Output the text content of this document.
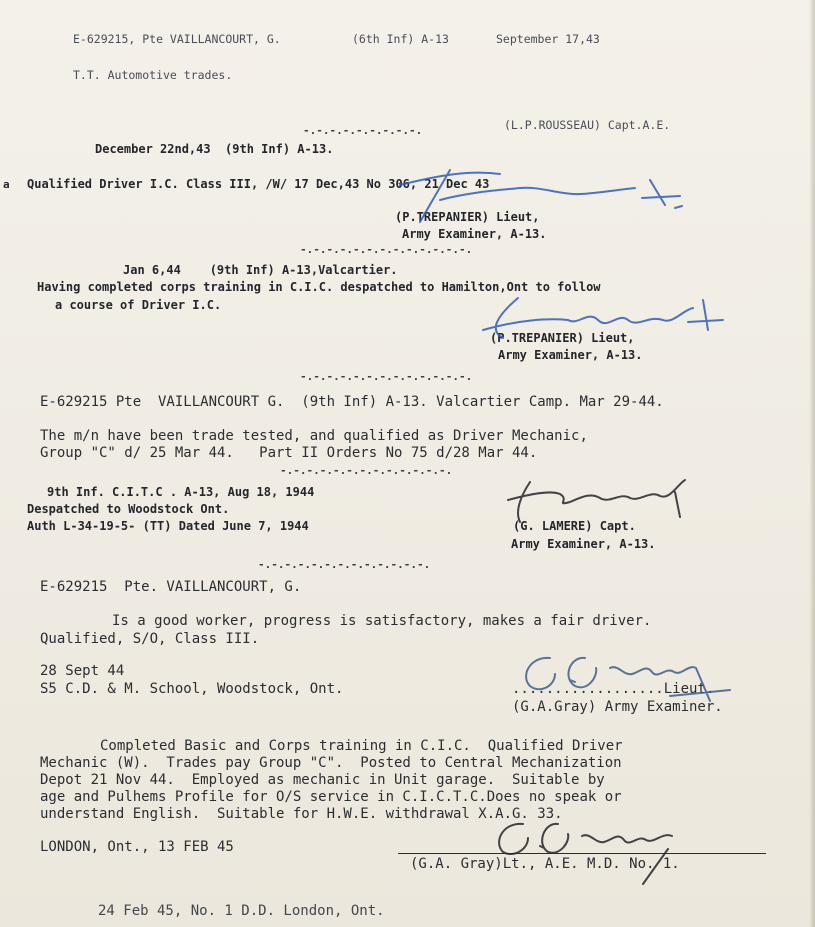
E-629215, Pte VAILLANCOURT, G.	(6th Inf) A-13	September 17,43
T.T. Automotive trades.
(L.P.ROUSSEAU) Capt.A.E.
-.-.-.-.-.-.-.-.-.
December 22nd,43  (9th Inf) A-13.
a Qualified Driver I.C. Class III, /W/ 17 Dec,43 No 306, 21 Dec 43
(P.TREPANIER) Lieut,
Army Examiner, A-13.
-.-.-.-.-.-.-.-.-.-.-.-.-.
Jan 6,44    (9th Inf) A-13,Valcartier.
Having completed corps training in C.I.C. despatched to Hamilton,Ont to follow
a course of Driver I.C.
(P.TREPANIER) Lieut,
Army Examiner, A-13.
-.-.-.-.-.-.-.-.-.-.-.-.-.
E-629215 Pte  VAILLANCOURT G.  (9th Inf) A-13. Valcartier Camp. Mar 29-44.
The m/n have been trade tested, and qualified as Driver Mechanic,
Group "C" d/ 25 Mar 44.   Part II Orders No 75 d/28 Mar 44.
-.-.-.-.-.-.-.-.-.-.-.-.-.
9th Inf. C.I.T.C . A-13, Aug 18, 1944
Despatched to Woodstock Ont.
Auth L-34-19-5- (TT) Dated June 7, 1944	(G. LAMERE) Capt.
Army Examiner, A-13.
-.-.-.-.-.-.-.-.-.-.-.-.-.
E-629215  Pte. VAILLANCOURT, G.
Is a good worker, progress is satisfactory, makes a fair driver.
Qualified, S/O, Class III.
28 Sept 44
S5 C.D. & M. School, Woodstock, Ont.	..................Lieut.
(G.A.Gray) Army Examiner.
Completed Basic and Corps training in C.I.C.  Qualified Driver
Mechanic (W).  Trades pay Group "C".  Posted to Central Mechanization
Depot 21 Nov 44.  Employed as mechanic in Unit garage.  Suitable by
age and Pulhems Profile for O/S service in C.I.C.T.C.Does no speak or
understand English.  Suitable for H.W.E. withdrawal X.A.G. 33.
LONDON, Ont., 13 FEB 45
(G.A. Gray)Lt., A.E. M.D. No. 1.
24 Feb 45, No. 1 D.D. London, Ont.
